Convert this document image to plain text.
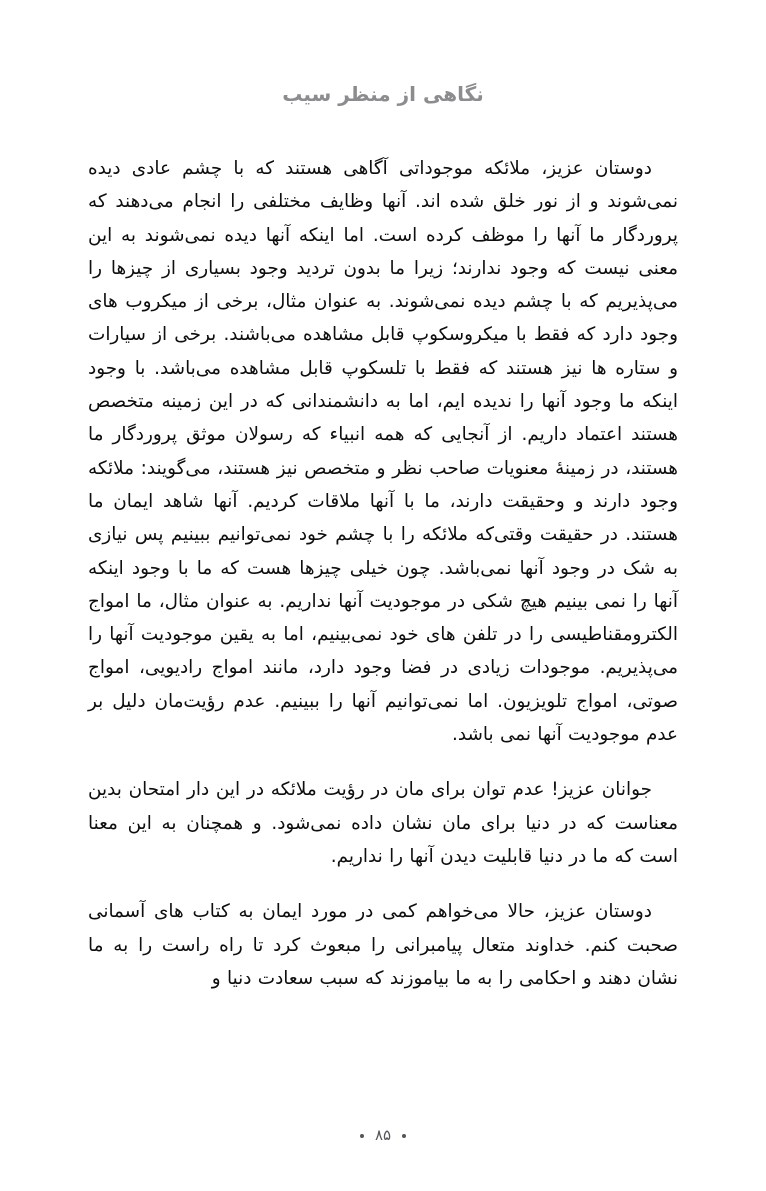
نگاهی از منظر سیب

دوستان عزیز، ملائکه موجوداتی آگاهی هستند که با چشم عادی دیده نمی‌شوند و از نور خلق شده اند. آنها وظایف مختلفی را انجام می‌دهند که پروردگار ما آنها را موظف کرده است. اما اینکه آنها دیده نمی‌شوند به این معنی نیست که وجود ندارند؛ زیرا ما بدون تردید وجود بسیاری از چیزها را می‌پذیریم که با چشم دیده نمی‌شوند. به عنوان مثال، برخی از میکروب های وجود دارد که فقط با میکروسکوپ قابل مشاهده می‌باشند. برخی از سیارات و ستاره ها نیز هستند که فقط با تلسکوپ قابل مشاهده می‌باشد. با وجود اینکه ما وجود آنها را ندیده ایم، اما به دانشمندانی که در این زمینه متخصص هستند اعتماد داریم. از آنجایی که همه انبیاء که رسولان موثق پروردگار ما هستند، در زمینهٔ معنویات صاحب نظر و متخصص نیز هستند، می‌گویند: ملائکه وجود دارند و وحقیقت دارند، ما با آنها ملاقات کردیم. آنها شاهد ایمان ما هستند. در حقیقت وقتی‌که ملائکه را با چشم خود نمی‌توانیم ببینیم پس نیازی به شک در وجود آنها نمی‌باشد. چون خیلی چیزها هست که ما با وجود اینکه آنها را نمی بینیم هیچ شکی در موجودیت آنها نداریم. به عنوان مثال، ما امواج الکترومقناطیسی را در تلفن های خود نمی‌بینیم، اما به یقین موجودیت آنها را می‌پذیریم. موجودات زیادی در فضا وجود دارد، مانند امواج رادیویی، امواج صوتی، امواج تلویزیون. اما نمی‌توانیم آنها را ببینیم. عدم رؤیت‌مان دلیل بر عدم موجودیت آنها نمی باشد.

جوانان عزیز! عدم توان برای مان در رؤیت ملائکه در این دار امتحان بدین معناست که در دنیا برای مان نشان داده نمی‌شود. و همچنان به این معنا است که ما در دنیا قابلیت دیدن آنها را نداریم.

دوستان عزیز، حالا می‌خواهم کمی در مورد ایمان به کتاب های آسمانی صحبت کنم. خداوند متعال پیامبرانی را مبعوث کرد تا راه راست را به ما نشان دهند و احکامی را به ما بیاموزند که سبب سعادت دنیا و

۸۵
